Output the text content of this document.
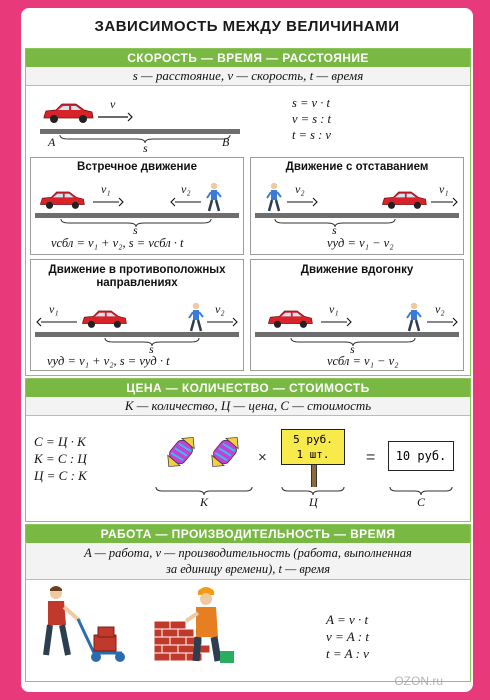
ЗАВИСИМОСТЬ МЕЖДУ ВЕЛИЧИНАМИ
СКОРОСТЬ — ВРЕМЯ — РАССТОЯНИЕ
s — расстояние, v — скорость, t — время
v
A	B
s
s = v · t
v = s : t
t = s : v
Встречное движение
v₁	v₂
s
vсбл = v₁ + v₂, s = vсбл · t
Движение с отставанием
v₂	v₁
s
vуд = v₁ − v₂
Движение в противоположных направлениях
v₁	v₂
s
vуд = v₁ + v₂, s = vуд · t
Движение вдогонку
v₁	v₂
s
vсбл = v₁ − v₂
ЦЕНА — КОЛИЧЕСТВО — СТОИМОСТЬ
К — количество, Ц — цена, С — стоимость
С = Ц · К
К = С : Ц
Ц = С : К
×
5 руб.
1 шт.	=	10 руб.
К	Ц	С
РАБОТА — ПРОИЗВОДИТЕЛЬНОСТЬ — ВРЕМЯ
A — работа, v — производительность (работа, выполненная
за единицу времени), t — время
A = v · t
v = A : t
t = A : v
OZON.ru
